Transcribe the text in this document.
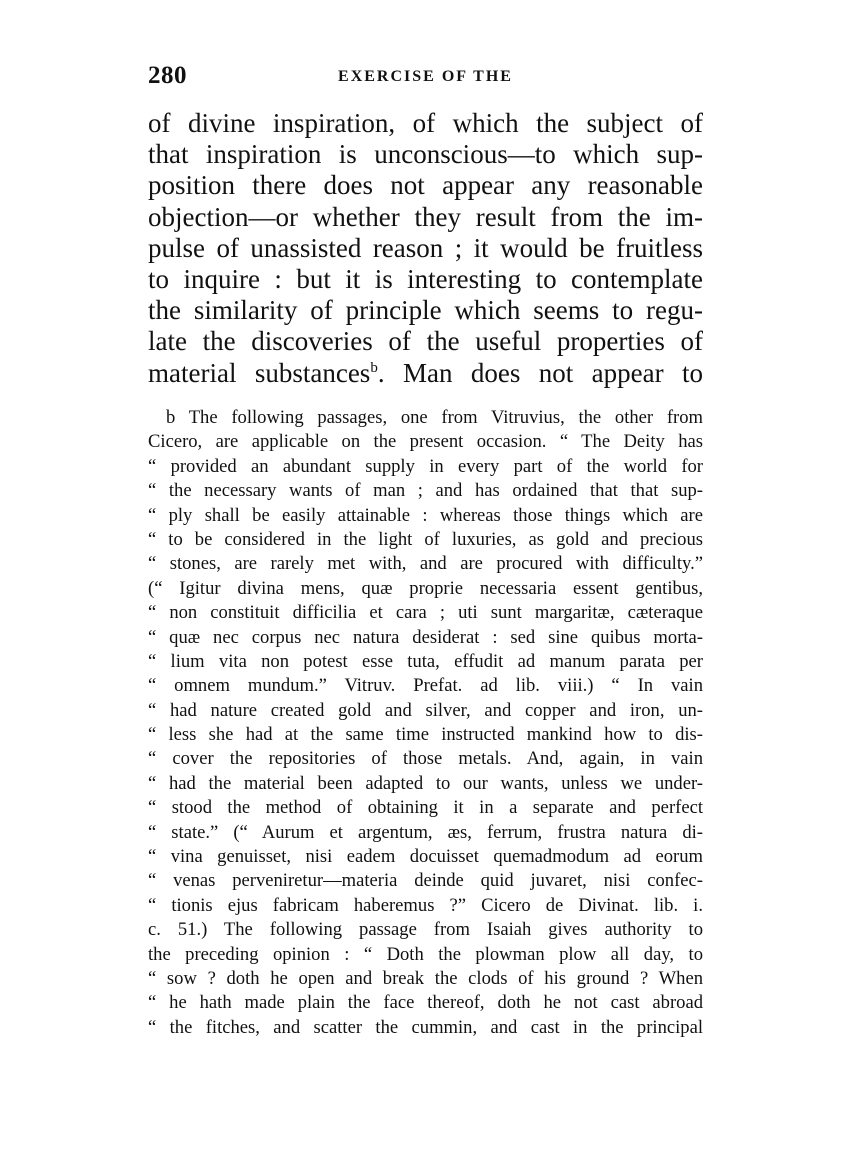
280	EXERCISE OF THE
of divine inspiration, of which the subject of
that inspiration is unconscious—to which sup-
position there does not appear any reasonable
objection—or whether they result from the im-
pulse of unassisted reason ; it would be fruitless
to inquire : but it is interesting to contemplate
the similarity of principle which seems to regu-
late the discoveries of the useful properties of
material substances$^b$. Man does not appear to
b The following passages, one from Vitruvius, the other from
Cicero, are applicable on the present occasion. “ The Deity has
“ provided an abundant supply in every part of the world for
“ the necessary wants of man ; and has ordained that that sup-
“ ply shall be easily attainable : whereas those things which are
“ to be considered in the light of luxuries, as gold and precious
“ stones, are rarely met with, and are procured with difficulty.”
(“ Igitur divina mens, quæ proprie necessaria essent gentibus,
“ non constituit difficilia et cara ; uti sunt margaritæ, cæteraque
“ quæ nec corpus nec natura desiderat : sed sine quibus morta-
“ lium vita non potest esse tuta, effudit ad manum parata per
“ omnem mundum.” Vitruv. Prefat. ad lib. viii.) “ In vain
“ had nature created gold and silver, and copper and iron, un-
“ less she had at the same time instructed mankind how to dis-
“ cover the repositories of those metals. And, again, in vain
“ had the material been adapted to our wants, unless we under-
“ stood the method of obtaining it in a separate and perfect
“ state.” (“ Aurum et argentum, æs, ferrum, frustra natura di-
“ vina genuisset, nisi eadem docuisset quemadmodum ad eorum
“ venas perveniretur—materia deinde quid juvaret, nisi confec-
“ tionis ejus fabricam haberemus ?” Cicero de Divinat. lib. i.
c. 51.) The following passage from Isaiah gives authority to
the preceding opinion : “ Doth the plowman plow all day, to
“ sow ? doth he open and break the clods of his ground ? When
“ he hath made plain the face thereof, doth he not cast abroad
“ the fitches, and scatter the cummin, and cast in the principal
